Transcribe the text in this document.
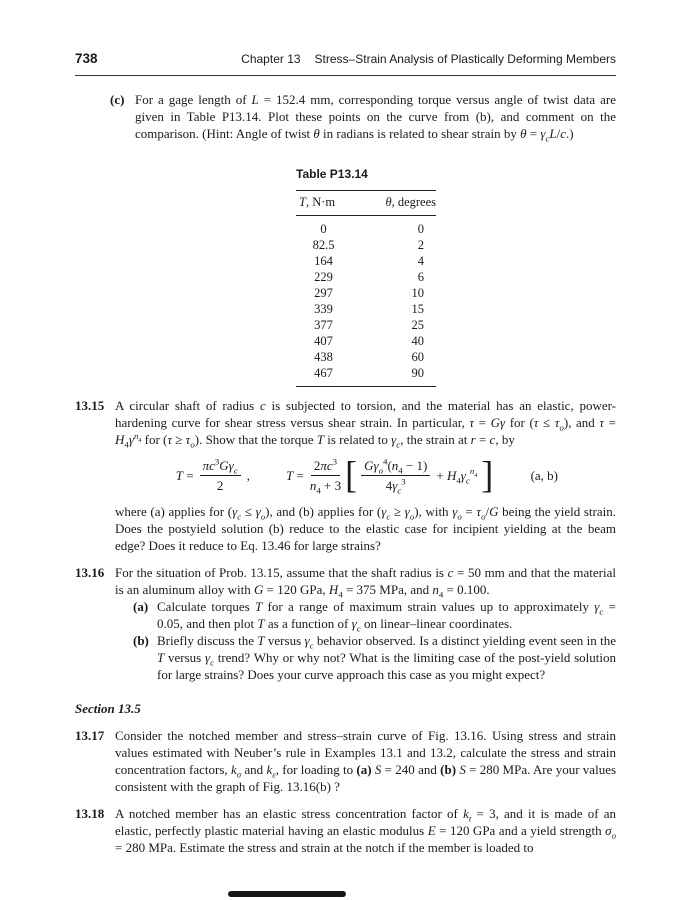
738	Chapter 13 Stress–Strain Analysis of Plastically Deforming Members
(c) For a gage length of L = 152.4 mm, corresponding torque versus angle of twist data are given in Table P13.14. Plot these points on the curve from (b), and comment on the comparison. (Hint: Angle of twist θ in radians is related to shear strain by $\theta = \gamma_cL/c$.)

Table P13.14
T, N·m	θ, degrees
0	0
82.5	2
164	4
229	6
297	10
339	15
377	25
407	40
438	60
467	90
13.15 A circular shaft of radius c is subjected to torsion, and the material has an elastic, power-hardening curve for shear stress versus shear strain. In particular, τ = Gγ for $(\tau \le \tau_o)$, and $\tau = H_4\gamma^{n_4}$ for $(\tau \ge \tau_o)$. Show that the torque T is related to $\gamma_c$, the strain at r = c, by

$T = \frac{\pi c^3G\gamma_c}{2}$ ,	$T = \frac{2\pi c^3}{n_4 + 3}$ [ $\frac{G\gamma_o^4(n_4 - 1)}{4\gamma_c^3} + H_4\gamma_c^{n_4}$ ]	(a, b)

where (a) applies for $(\gamma_c \le \gamma_o)$, and (b) applies for $(\gamma_c \ge \gamma_o)$, with $\gamma_o = \tau_o/G$ being the yield strain. Does the postyield solution (b) reduce to the elastic case for incipient yielding at the beam edge? Does it reduce to Eq. 13.46 for large strains?

13.16 For the situation of Prob. 13.15, assume that the shaft radius is c = 50 mm and that the material is an aluminum alloy with G = 120 GPa, $H_4 = 375$ MPa, and $n_4 = 0.100$.

(a) Calculate torques T for a range of maximum strain values up to approximately $\gamma_c = 0.05$, and then plot T as a function of $\gamma_c$ on linear–linear coordinates.

(b) Briefly discuss the T versus $\gamma_c$ behavior observed. Is a distinct yielding event seen in the T versus $\gamma_c$ trend? Why or why not? What is the limiting case of the post-yield solution for large strains? Does your curve approach this case as you might expect?

Section 13.5
13.17 Consider the notched member and stress–strain curve of Fig. 13.16. Using stress and strain values estimated with Neuber’s rule in Examples 13.1 and 13.2, calculate the stress and strain concentration factors, $k_\sigma$ and $k_\varepsilon$, for loading to (a) S = 240 and (b) S = 280 MPa. Are your values consistent with the graph of Fig. 13.16(b) ?

13.18 A notched member has an elastic stress concentration factor of $k_t = 3$, and it is made of an elastic, perfectly plastic material having an elastic modulus E = 120 GPa and a yield strength $\sigma_o = 280$ MPa. Estimate the stress and strain at the notch if the member is loaded to
